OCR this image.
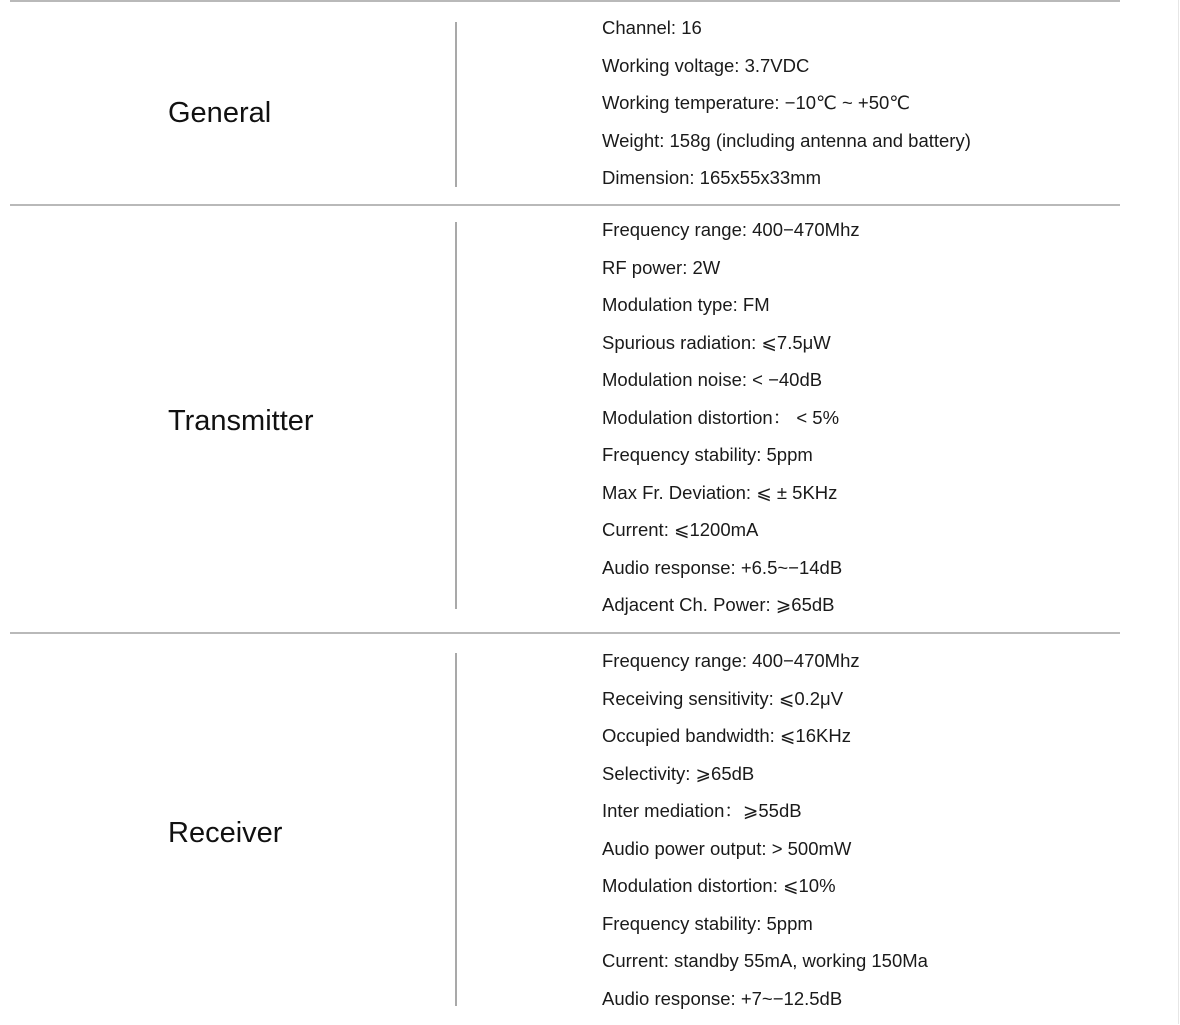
General
Channel: 16
Working voltage: 3.7VDC
Working temperature: −10℃ ~ +50℃
Weight: 158g (including antenna and battery)
Dimension: 165x55x33mm
Transmitter
Frequency range: 400−470Mhz
RF power: 2W
Modulation type: FM
Spurious radiation: ⩽7.5μW
Modulation noise: < −40dB
Modulation distortion： < 5%
Frequency stability: 5ppm
Max Fr. Deviation: ⩽ ± 5KHz
Current: ⩽1200mA
Audio response: +6.5~−14dB
Adjacent Ch. Power: ⩾65dB
Receiver
Frequency range: 400−470Mhz
Receiving sensitivity: ⩽0.2μV
Occupied bandwidth: ⩽16KHz
Selectivity: ⩾65dB
Inter mediation：⩾55dB
Audio power output: > 500mW
Modulation distortion: ⩽10%
Frequency stability: 5ppm
Current: standby 55mA, working 150Ma
Audio response: +7~−12.5dB
